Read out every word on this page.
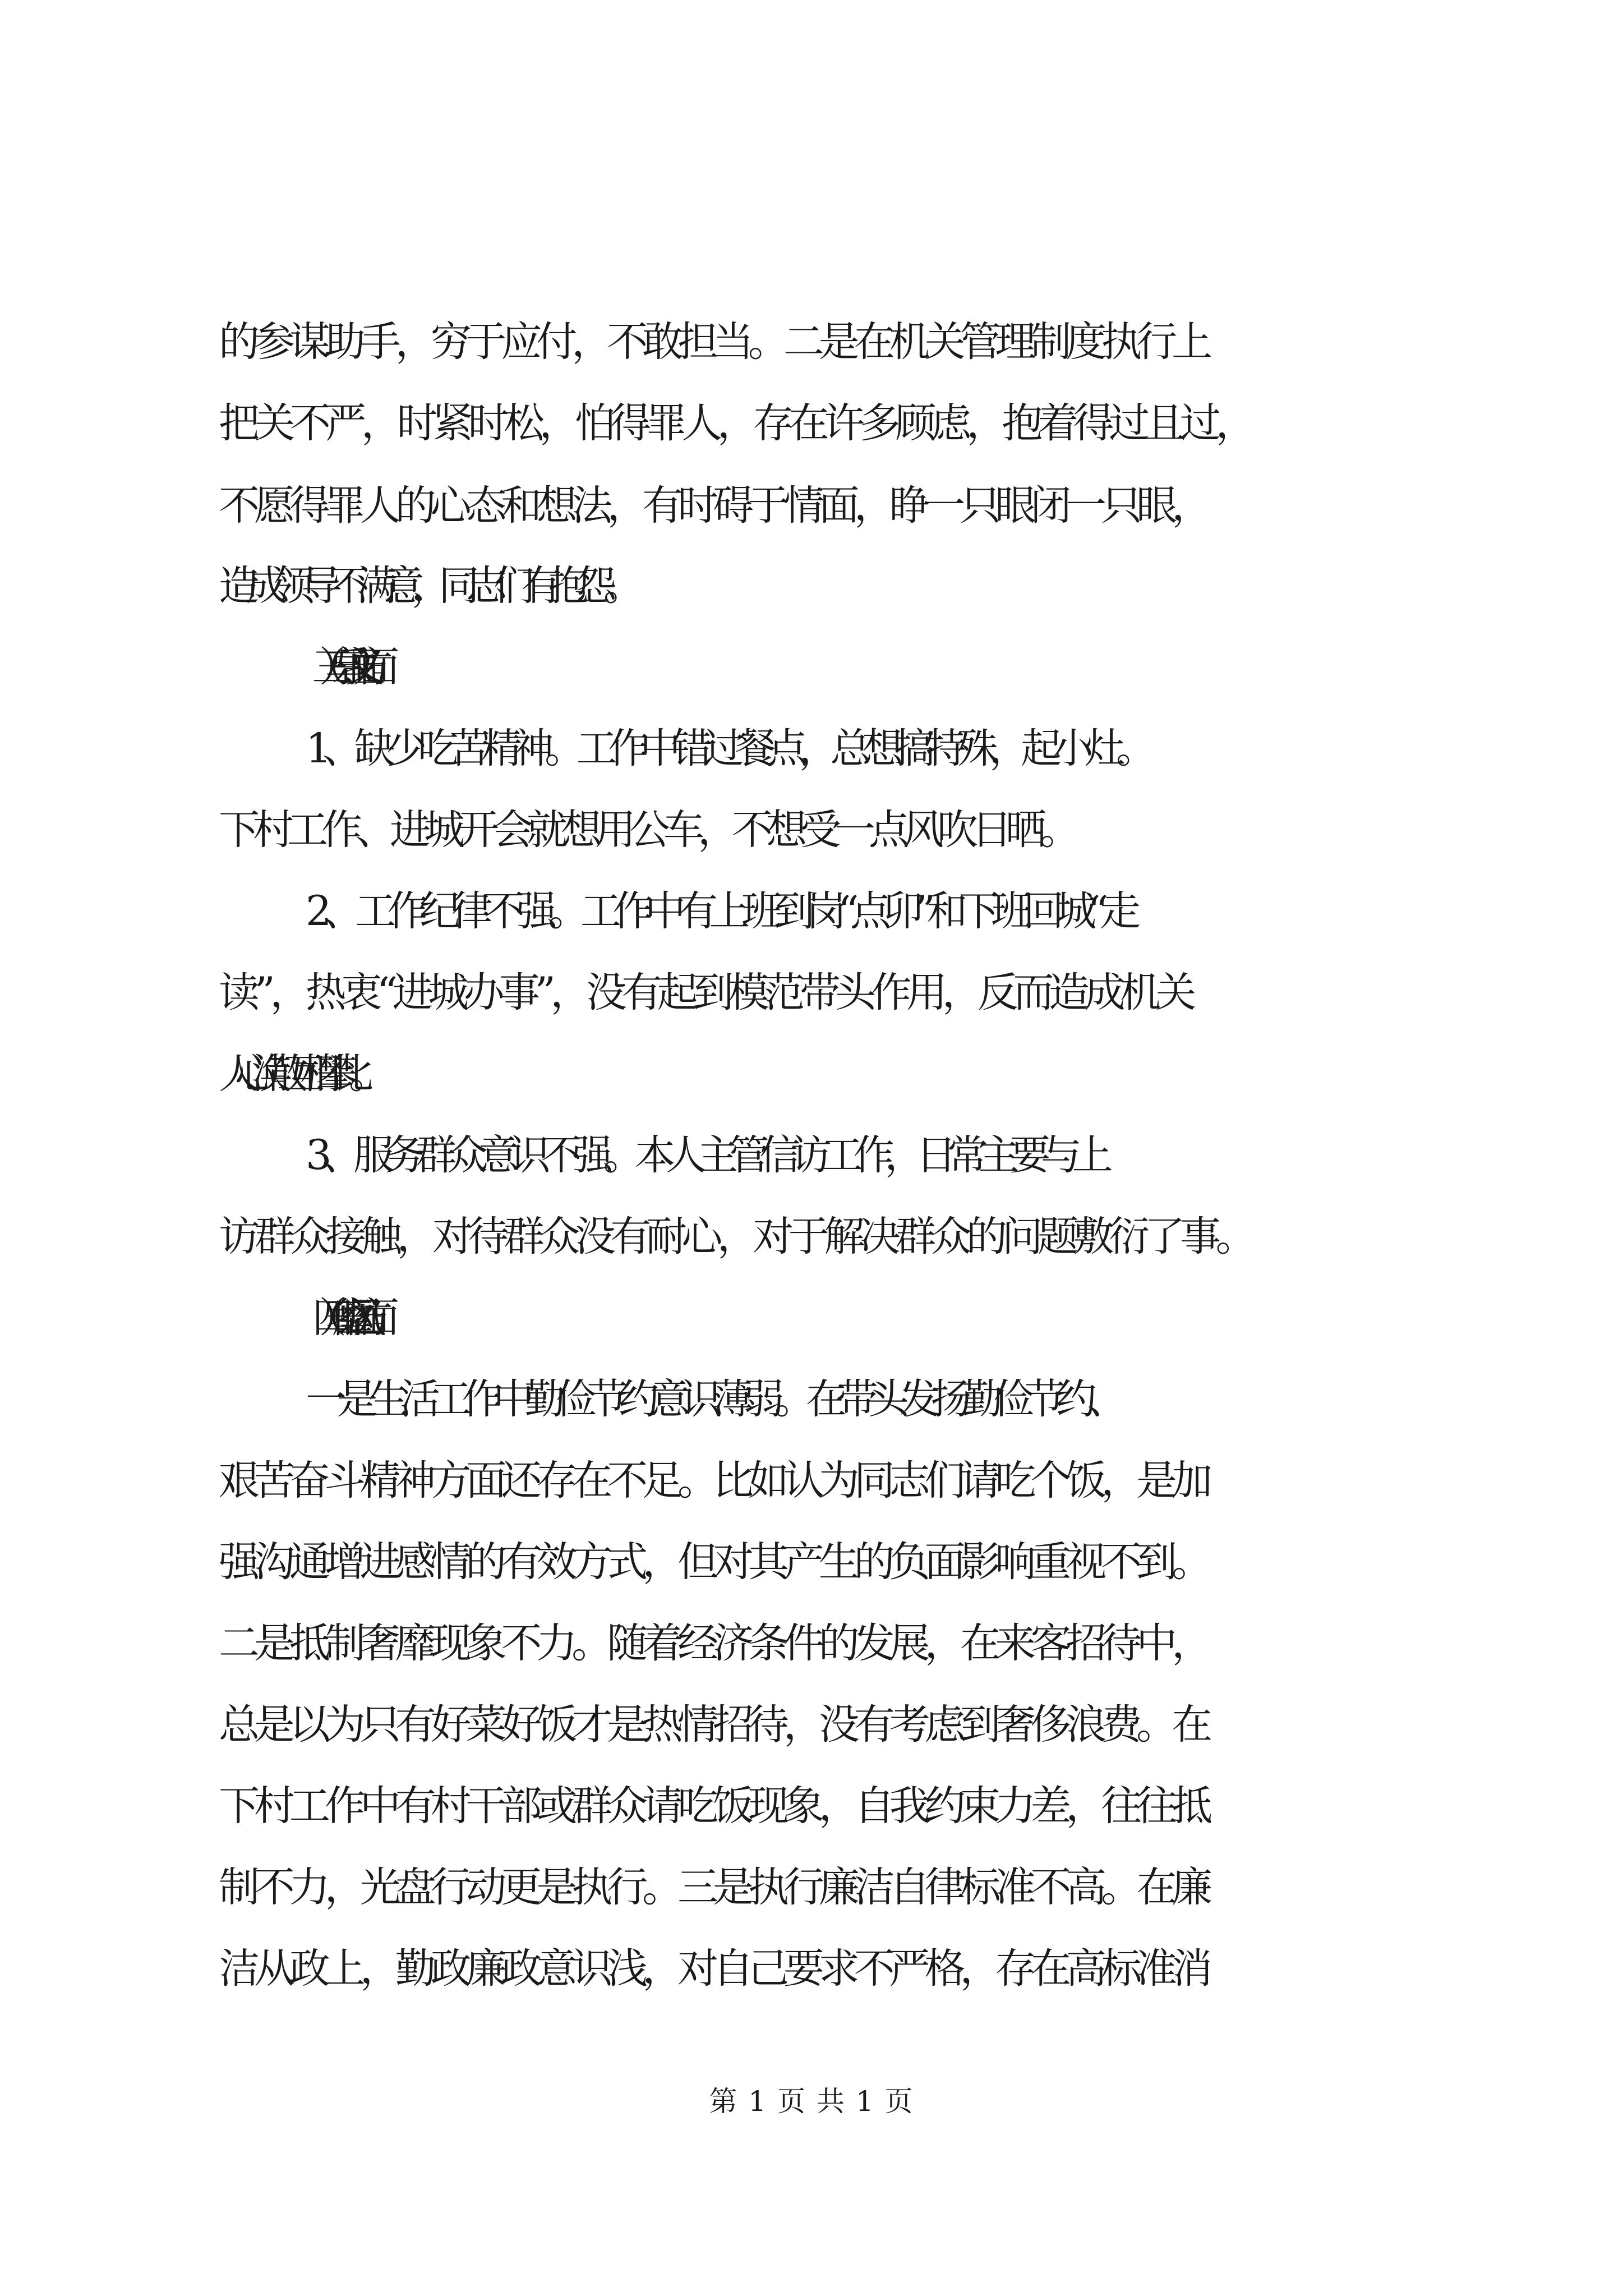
的参谋助手，穷于应付，不敢担当。二是在机关管理制度执行上
把关不严，时紧时松，怕得罪人，存在许多顾虑，抱着得过且过，
不愿得罪人的心态和想法，有时碍于情面，睁一只眼闭一只眼，
造成领导不满意，同志们有抱怨。
（三）享乐主义方面
1、缺少吃苦精神。工作中错过餐点，总想搞特殊，起小灶。
下村工作、进城开会就想用公车，不想受一点风吹日晒。
2、工作纪律不强。工作中有上班到岗“点卯”和下班回城“走
读”，热衷“进城办事”，没有起到模范带头作用，反而造成机关
人心涣散互相攀比。
3、服务群众意识不强。本人主管信访工作，日常主要与上
访群众接触，对待群众没有耐心，对于解决群众的问题敷衍了事。
（四）奢靡之风方面
一是生活工作中勤俭节约意识薄弱。在带头发扬勤俭节约、
艰苦奋斗精神方面还存在不足。比如认为同志们请吃个饭，是加
强沟通增进感情的有效方式，但对其产生的负面影响重视不到。
二是抵制奢靡现象不力。随着经济条件的发展，在来客招待中，
总是以为只有好菜好饭才是热情招待，没有考虑到奢侈浪费。在
下村工作中有村干部或群众请吃饭现象，自我约束力差，往往抵
制不力，光盘行动更是执行。三是执行廉洁自律标准不高。在廉
洁从政上，勤政廉政意识浅，对自己要求不严格，存在高标准消
第 1 页 共 1 页
